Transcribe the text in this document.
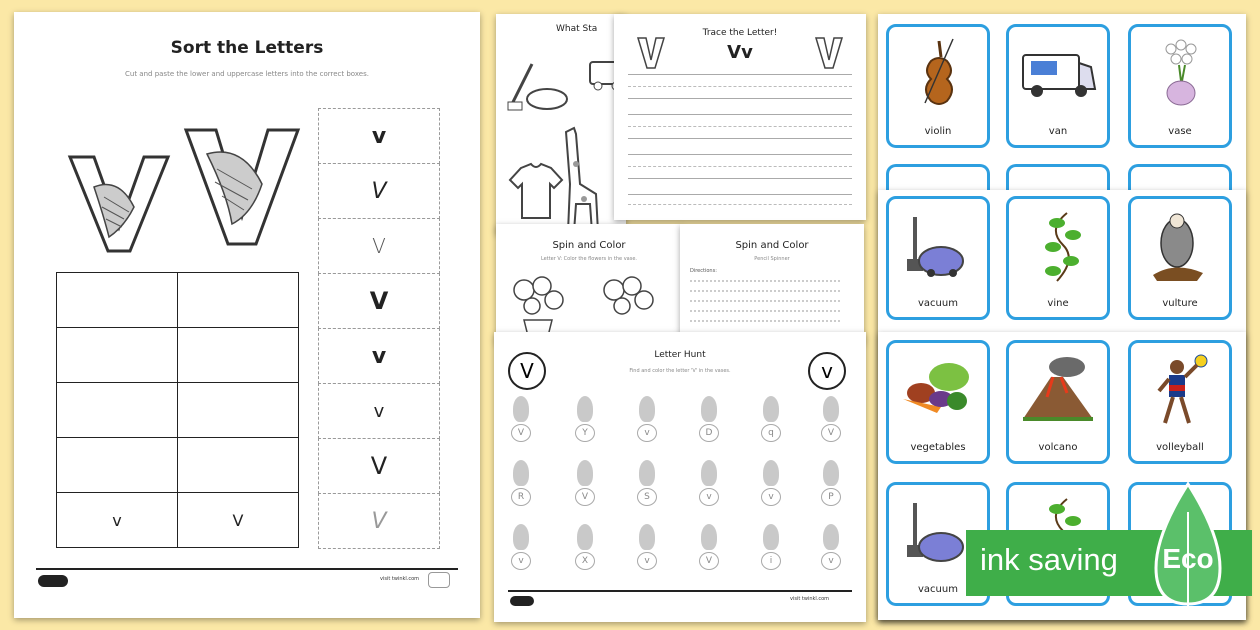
Sort the Letters
Cut and paste the lower and uppercase letters into the correct boxes.
v	V
v
V
V
V
v
v
V
V
visit twinkl.com
What Sta	Trace the Letter!
Vv
Spin and Color
Letter V: Color the flowers in the vase.
Spin and Color
Pencil Spinner
Directions:
V	v
Letter Hunt
Find and color the letter 'V' in the vases.
V	Y	v	D	q	V
R	V	S	v	v	P
v	X	v	V	i	v
visit twinkl.com
violin	van	vase
vacuum	vine	vulture
vegetables	volcano	volleyball
vacuum
ink saving Eco
